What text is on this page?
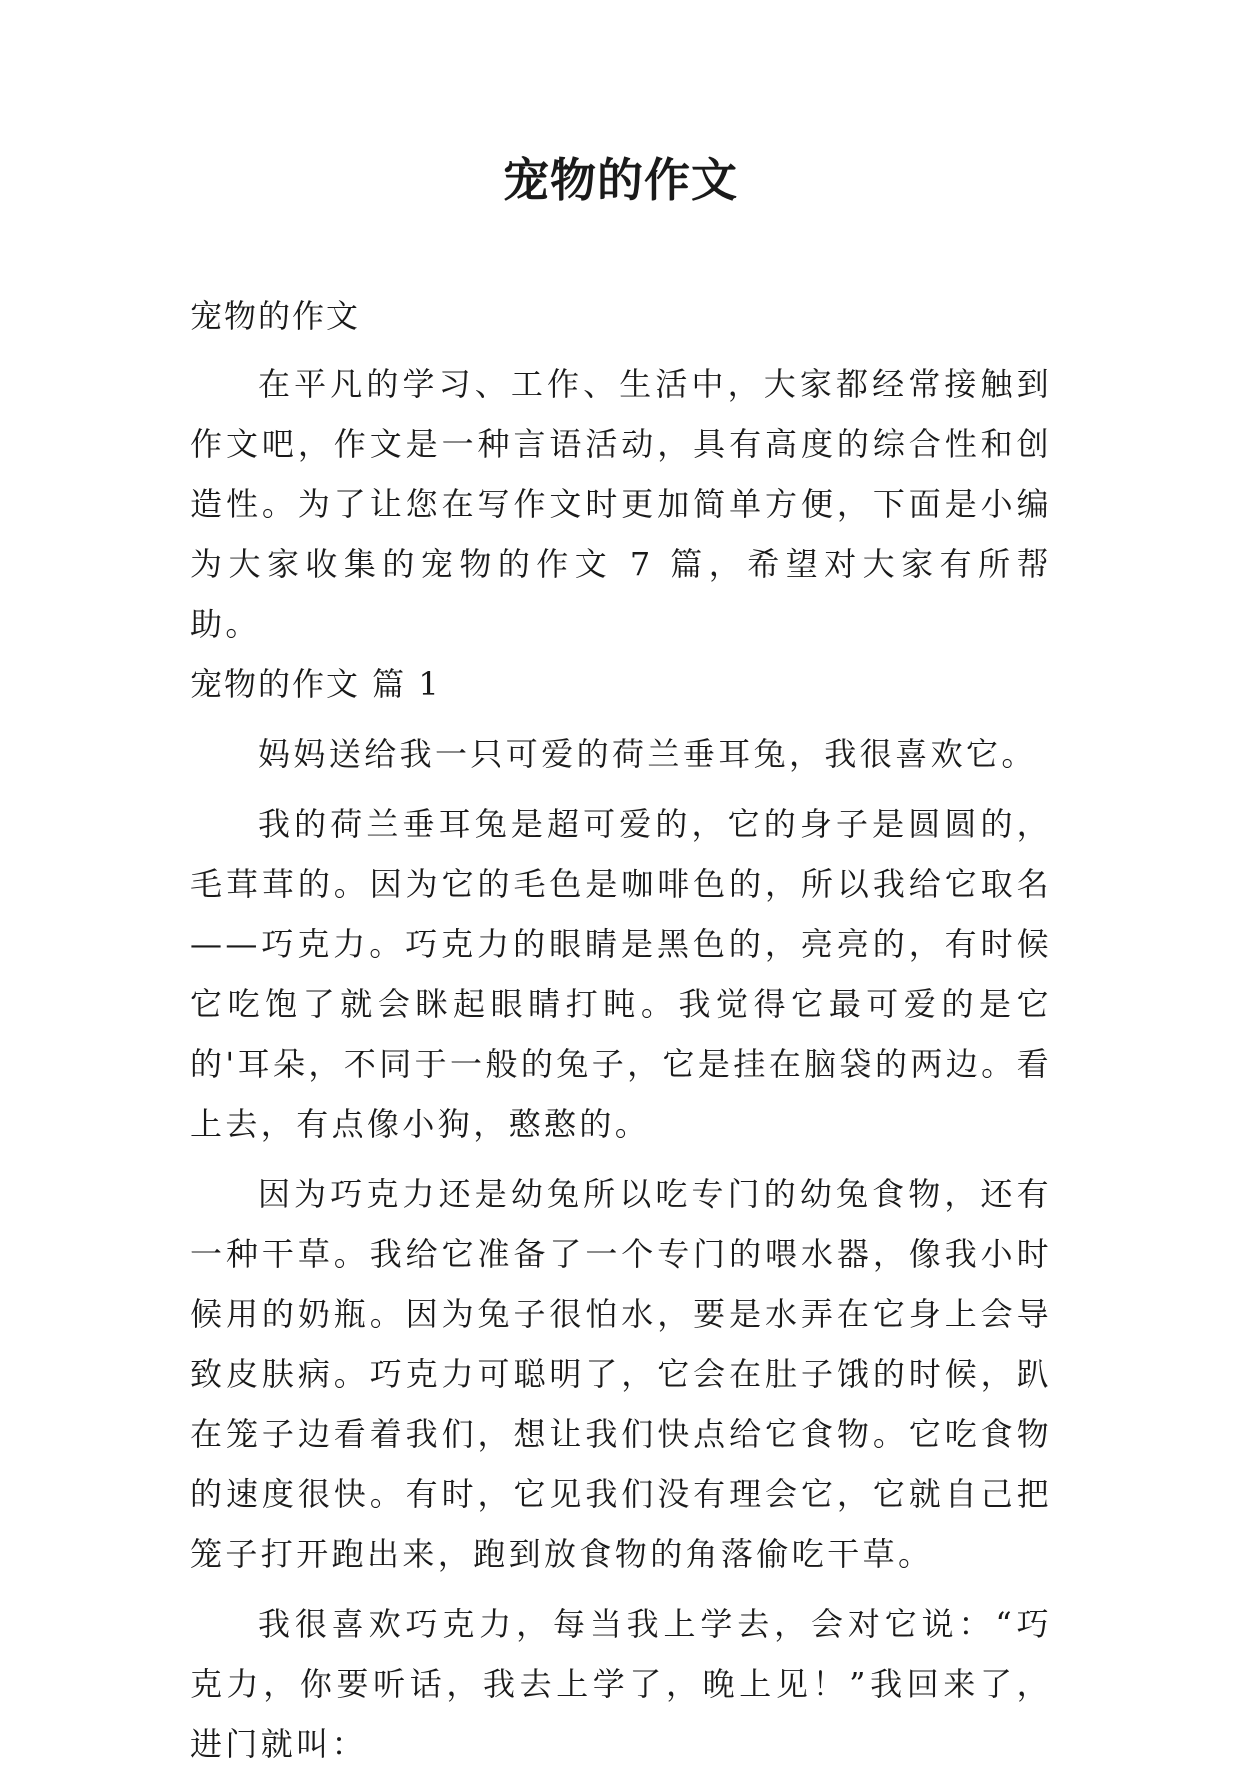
宠物的作文

宠物的作文

在平凡的学习、工作、生活中，大家都经常接触到作文吧，作文是一种言语活动，具有高度的综合性和创造性。为了让您在写作文时更加简单方便，下面是小编为大家收集的宠物的作文 7 篇，希望对大家有所帮助。

宠物的作文 篇 1

妈妈送给我一只可爱的荷兰垂耳兔，我很喜欢它。

我的荷兰垂耳兔是超可爱的，它的身子是圆圆的，毛茸茸的。因为它的毛色是咖啡色的，所以我给它取名——巧克力。巧克力的眼睛是黑色的，亮亮的，有时候它吃饱了就会眯起眼睛打盹。我觉得它最可爱的是它的'耳朵，不同于一般的兔子，它是挂在脑袋的两边。看上去，有点像小狗，憨憨的。

因为巧克力还是幼兔所以吃专门的幼兔食物，还有一种干草。我给它准备了一个专门的喂水器，像我小时候用的奶瓶。因为兔子很怕水，要是水弄在它身上会导致皮肤病。巧克力可聪明了，它会在肚子饿的时候，趴在笼子边看着我们，想让我们快点给它食物。它吃食物的速度很快。有时，它见我们没有理会它，它就自己把笼子打开跑出来，跑到放食物的角落偷吃干草。

我很喜欢巧克力，每当我上学去，会对它说：“巧克力，你要听话，我去上学了，晚上见！”我回来了，进门就叫：
